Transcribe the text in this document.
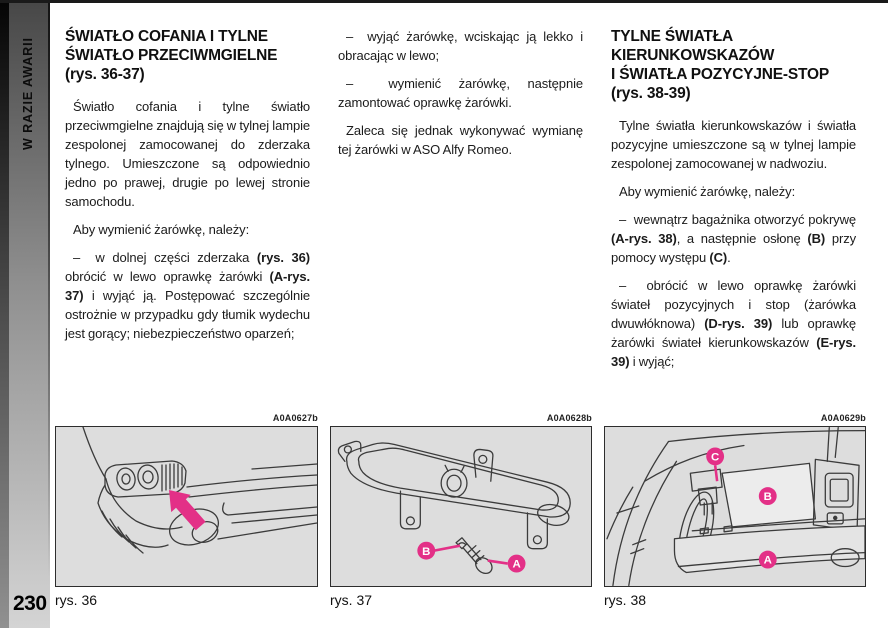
W RAZIE AWARII
230
ŚWIATŁO COFANIA I TYLNE
ŚWIATŁO PRZECIWMGIELNE
(rys. 36-37)

Światło cofania i tylne światło przeciwmgielne znajdują się w tylnej lampie zespolonej zamocowanej do zderzaka tylnego. Umieszczone są odpowiednio jedno po prawej, drugie po lewej stronie samochodu.

Aby wymienić żarówkę, należy:

–  w dolnej części zderzaka (rys. 36) obrócić w lewo oprawkę żarówki (A-rys. 37) i wyjąć ją. Postępować szczególnie ostrożnie w przypadku gdy tłumik wydechu jest gorący; niebezpieczeństwo oparzeń;

–  wyjąć żarówkę, wciskając ją lekko i obracając w lewo;

–  wymienić żarówkę, następnie zamontować oprawkę żarówki.

Zaleca się jednak wykonywać wymianę tej żarówki w ASO Alfy Romeo.

TYLNE ŚWIATŁA
KIERUNKOWSKAZÓW
I ŚWIATŁA POZYCYJNE-STOP
(rys. 38-39)

Tylne światła kierunkowskazów i światła pozycyjne umieszczone są w tylnej lampie zespolonej zamocowanej w nadwoziu.

Aby wymienić żarówkę, należy:

–  wewnątrz bagażnika otworzyć pokrywę (A-rys. 38), a następnie osłonę (B) przy pomocy występu (C).

–  obrócić w lewo oprawkę żarówki świateł pozycyjnych i stop (żarówka dwuwłóknowa) (D-rys. 39) lub oprawkę żarówki świateł kierunkowskazów (E-rys. 39) i wyjąć;

A0A0627b
rys. 36
A0A0628b
B
A
rys. 37
A0A0629b
C
B
A
rys. 38
